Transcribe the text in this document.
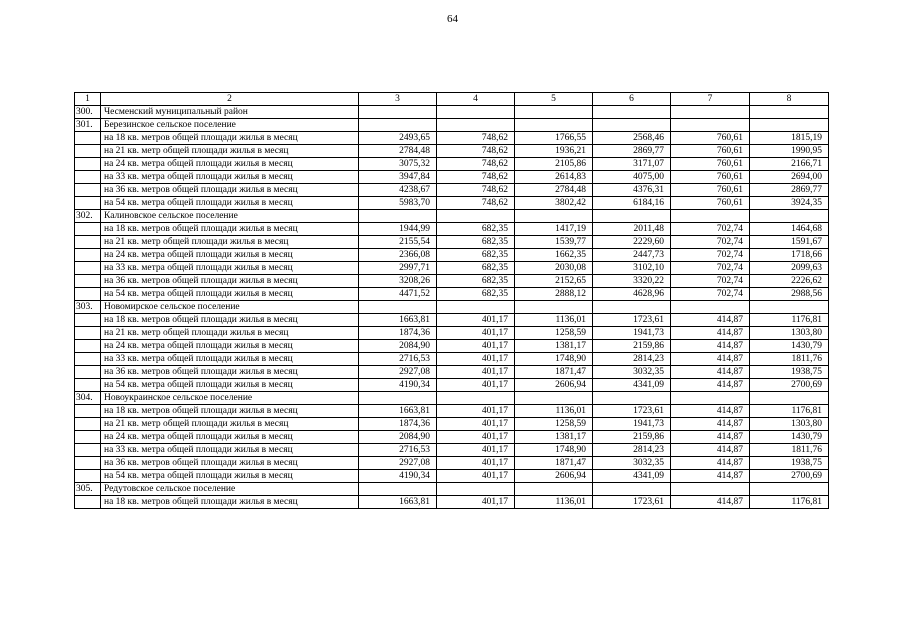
64
1	2	3	4	5	6	7	8
300.	Чесменский муниципальный район						
301.	Березинское сельское поселение						
	на 18 кв. метров общей площади жилья в месяц	2493,65	748,62	1766,55	2568,46	760,61	1815,19
	на 21 кв. метр общей площади жилья в месяц	2784,48	748,62	1936,21	2869,77	760,61	1990,95
	на 24 кв. метра общей площади жилья в месяц	3075,32	748,62	2105,86	3171,07	760,61	2166,71
	на 33 кв. метра общей площади жилья в месяц	3947,84	748,62	2614,83	4075,00	760,61	2694,00
	на 36 кв. метров общей площади жилья в месяц	4238,67	748,62	2784,48	4376,31	760,61	2869,77
	на 54 кв. метра общей площади жилья в месяц	5983,70	748,62	3802,42	6184,16	760,61	3924,35
302.	Калиновское сельское поселение						
	на 18 кв. метров общей площади жилья в месяц	1944,99	682,35	1417,19	2011,48	702,74	1464,68
	на 21 кв. метр общей площади жилья в месяц	2155,54	682,35	1539,77	2229,60	702,74	1591,67
	на 24 кв. метра общей площади жилья в месяц	2366,08	682,35	1662,35	2447,73	702,74	1718,66
	на 33 кв. метра общей площади жилья в месяц	2997,71	682,35	2030,08	3102,10	702,74	2099,63
	на 36 кв. метров общей площади жилья в месяц	3208,26	682,35	2152,65	3320,22	702,74	2226,62
	на 54 кв. метра общей площади жилья в месяц	4471,52	682,35	2888,12	4628,96	702,74	2988,56
303.	Новомирское сельское поселение						
	на 18 кв. метров общей площади жилья в месяц	1663,81	401,17	1136,01	1723,61	414,87	1176,81
	на 21 кв. метр общей площади жилья в месяц	1874,36	401,17	1258,59	1941,73	414,87	1303,80
	на 24 кв. метра общей площади жилья в месяц	2084,90	401,17	1381,17	2159,86	414,87	1430,79
	на 33 кв. метра общей площади жилья в месяц	2716,53	401,17	1748,90	2814,23	414,87	1811,76
	на 36 кв. метров общей площади жилья в месяц	2927,08	401,17	1871,47	3032,35	414,87	1938,75
	на 54 кв. метра общей площади жилья в месяц	4190,34	401,17	2606,94	4341,09	414,87	2700,69
304.	Новоукраинское сельское поселение						
	на 18 кв. метров общей площади жилья в месяц	1663,81	401,17	1136,01	1723,61	414,87	1176,81
	на 21 кв. метр общей площади жилья в месяц	1874,36	401,17	1258,59	1941,73	414,87	1303,80
	на 24 кв. метра общей площади жилья в месяц	2084,90	401,17	1381,17	2159,86	414,87	1430,79
	на 33 кв. метра общей площади жилья в месяц	2716,53	401,17	1748,90	2814,23	414,87	1811,76
	на 36 кв. метров общей площади жилья в месяц	2927,08	401,17	1871,47	3032,35	414,87	1938,75
	на 54 кв. метра общей площади жилья в месяц	4190,34	401,17	2606,94	4341,09	414,87	2700,69
305.	Редутовское сельское поселение						
	на 18 кв. метров общей площади жилья в месяц	1663,81	401,17	1136,01	1723,61	414,87	1176,81
